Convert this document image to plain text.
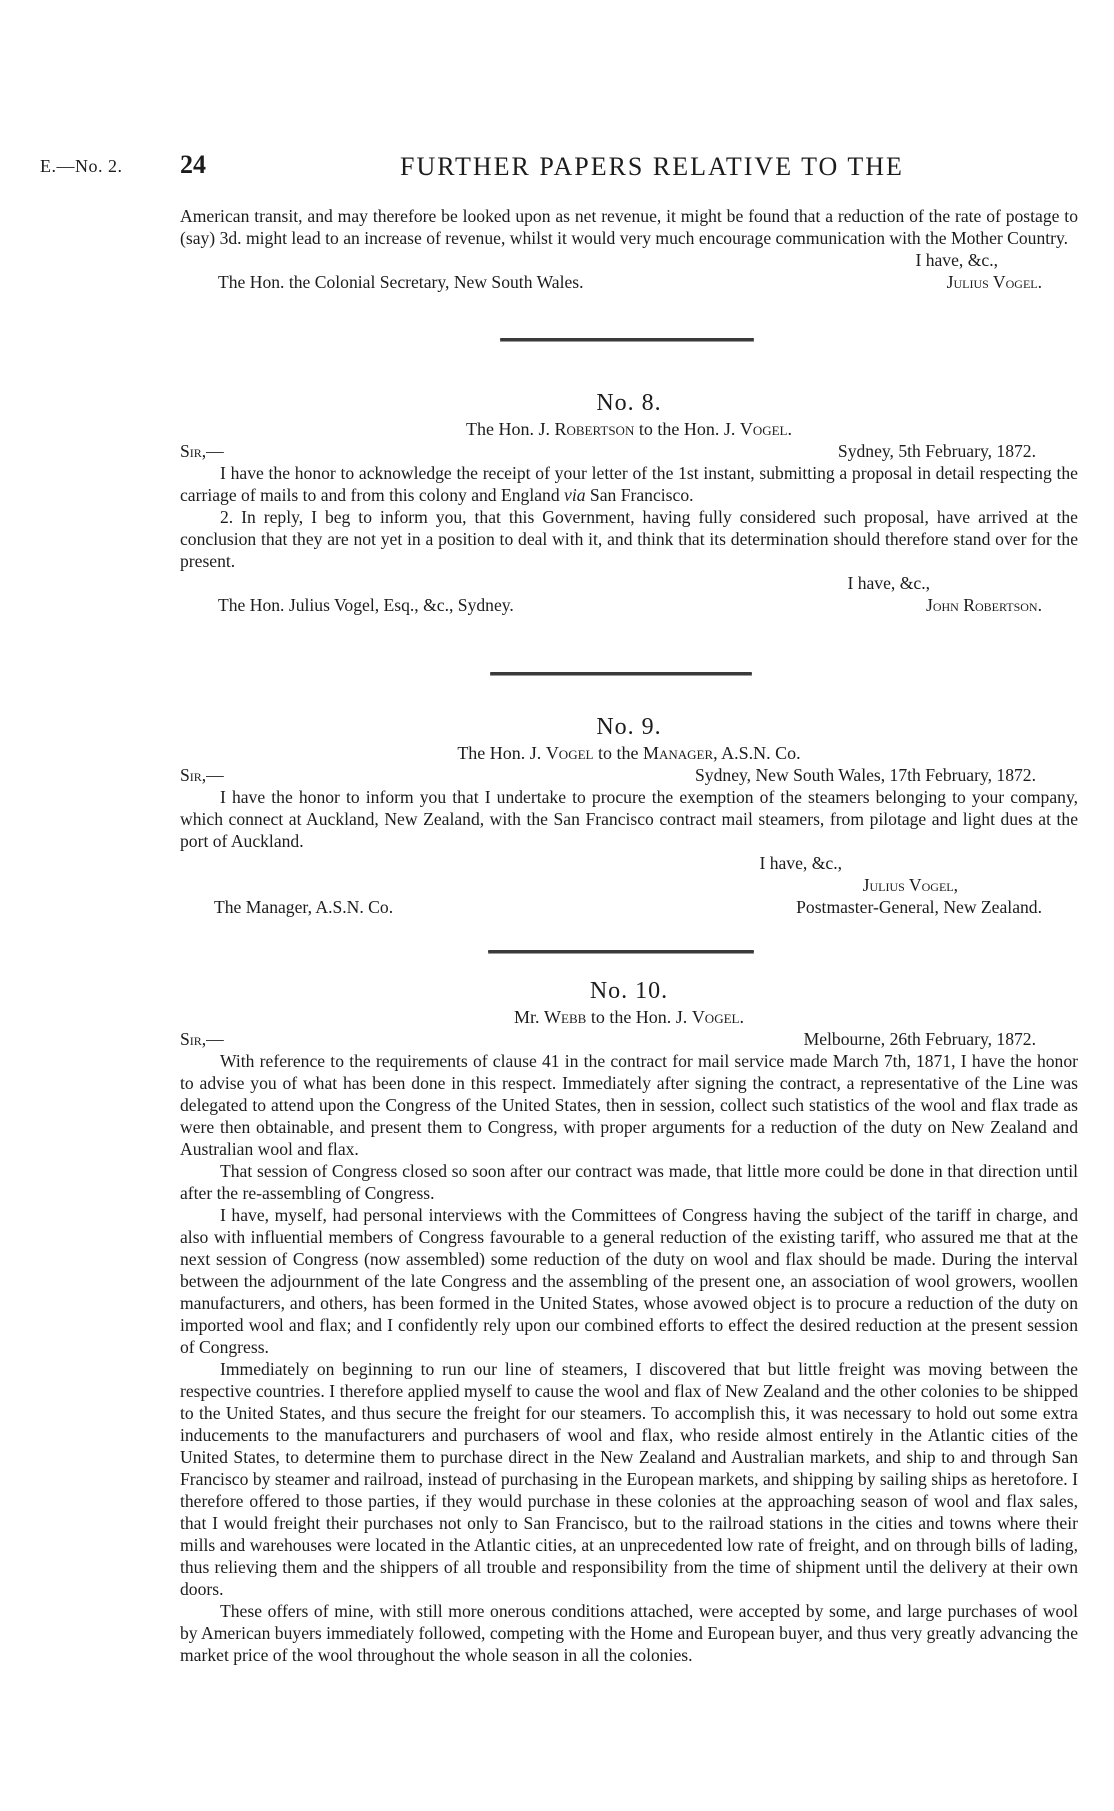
E.—No. 2. 24	FURTHER PAPERS RELATIVE TO THE

American transit, and may therefore be looked upon as net revenue, it might be found that a reduction of the rate of postage to (say) 3d. might lead to an increase of revenue, whilst it would very much encourage communication with the Mother Country.

I have, &c.,
The Hon. the Colonial Secretary, New South Wales.	Julius Vogel.
No. 8.
The Hon. J. Robertson to the Hon. J. Vogel.
Sir,—	Sydney, 5th February, 1872.

I have the honor to acknowledge the receipt of your letter of the 1st instant, submitting a proposal in detail respecting the carriage of mails to and from this colony and England via San Francisco.

2. In reply, I beg to inform you, that this Government, having fully considered such proposal, have arrived at the conclusion that they are not yet in a position to deal with it, and think that its determination should therefore stand over for the present.

I have, &c.,
The Hon. Julius Vogel, Esq., &c., Sydney.	John Robertson.
No. 9.
The Hon. J. Vogel to the Manager, A.S.N. Co.
Sir,—	Sydney, New South Wales, 17th February, 1872.

I have the honor to inform you that I undertake to procure the exemption of the steamers belonging to your company, which connect at Auckland, New Zealand, with the San Francisco contract mail steamers, from pilotage and light dues at the port of Auckland.

I have, &c.,
Julius Vogel,
The Manager, A.S.N. Co.	Postmaster-General, New Zealand.
No. 10.
Mr. Webb to the Hon. J. Vogel.
Sir,—	Melbourne, 26th February, 1872.

With reference to the requirements of clause 41 in the contract for mail service made March 7th, 1871, I have the honor to advise you of what has been done in this respect. Immediately after signing the contract, a representative of the Line was delegated to attend upon the Congress of the United States, then in session, collect such statistics of the wool and flax trade as were then obtainable, and present them to Congress, with proper arguments for a reduction of the duty on New Zealand and Australian wool and flax.

That session of Congress closed so soon after our contract was made, that little more could be done in that direction until after the re-assembling of Congress.

I have, myself, had personal interviews with the Committees of Congress having the subject of the tariff in charge, and also with influential members of Congress favourable to a general reduction of the existing tariff, who assured me that at the next session of Congress (now assembled) some reduction of the duty on wool and flax should be made. During the interval between the adjournment of the late Congress and the assembling of the present one, an association of wool growers, woollen manufacturers, and others, has been formed in the United States, whose avowed object is to procure a reduction of the duty on imported wool and flax; and I confidently rely upon our combined efforts to effect the desired reduction at the present session of Congress.

Immediately on beginning to run our line of steamers, I discovered that but little freight was moving between the respective countries. I therefore applied myself to cause the wool and flax of New Zealand and the other colonies to be shipped to the United States, and thus secure the freight for our steamers. To accomplish this, it was necessary to hold out some extra inducements to the manufacturers and purchasers of wool and flax, who reside almost entirely in the Atlantic cities of the United States, to determine them to purchase direct in the New Zealand and Australian markets, and ship to and through San Francisco by steamer and railroad, instead of purchasing in the European markets, and shipping by sailing ships as heretofore. I therefore offered to those parties, if they would purchase in these colonies at the approaching season of wool and flax sales, that I would freight their purchases not only to San Francisco, but to the railroad stations in the cities and towns where their mills and warehouses were located in the Atlantic cities, at an unprecedented low rate of freight, and on through bills of lading, thus relieving them and the shippers of all trouble and responsibility from the time of shipment until the delivery at their own doors.

These offers of mine, with still more onerous conditions attached, were accepted by some, and large purchases of wool by American buyers immediately followed, competing with the Home and European buyer, and thus very greatly advancing the market price of the wool throughout the whole season in all the colonies.
